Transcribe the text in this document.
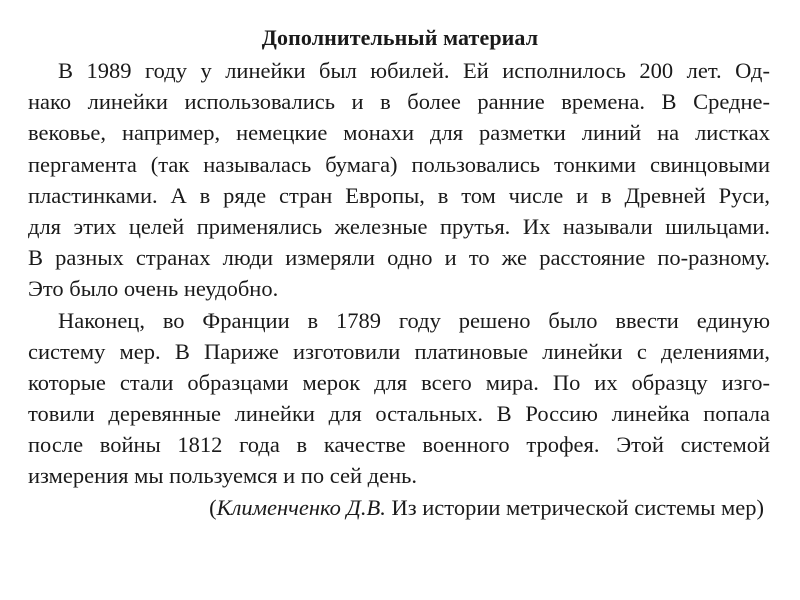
Дополнительный материал
В 1989 году у линейки был юбилей. Ей исполнилось 200 лет. Од-
нако линейки использовались и в более ранние времена. В Средне-
вековье, например, немецкие монахи для разметки линий на листках
пергамента (так называлась бумага) пользовались тонкими свинцовыми
пластинками. А в ряде стран Европы, в том числе и в Древней Руси,
для этих целей применялись железные прутья. Их называли шильцами.
В разных странах люди измеряли одно и то же расстояние по-разному.
Это было очень неудобно.
Наконец, во Франции в 1789 году решено было ввести единую
систему мер. В Париже изготовили платиновые линейки с делениями,
которые стали образцами мерок для всего мира. По их образцу изго-
товили деревянные линейки для остальных. В Россию линейка попала
после войны 1812 года в качестве военного трофея. Этой системой
измерения мы пользуемся и по сей день.
(Клименченко Д.В. Из истории метрической системы мер)
